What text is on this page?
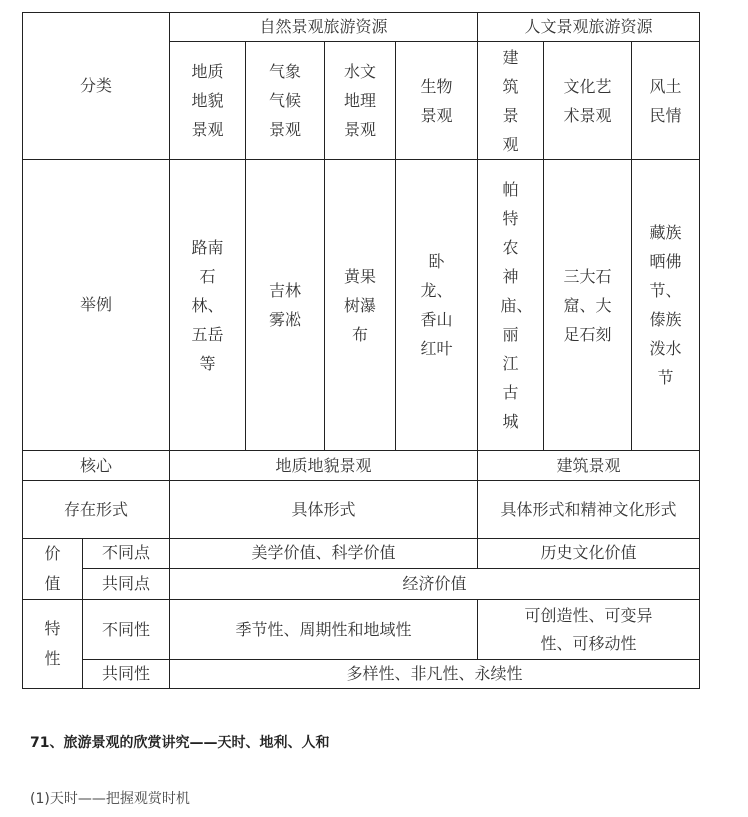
分类		自然景观旅游资源				人文景观旅游资源		

		地质地貌景观	气象气候景观	水文地理景观	生物景观	建筑景观	文化艺术景观	风土民情

举例		路南石林、五岳等	吉林雾凇	黄果树瀑布	卧龙、香山红叶	帕特农神庙、丽江古城	三大石窟、大足石刻	藏族晒佛节、傣族泼水节

核心		地质地貌景观				建筑景观		
存在形式		具体形式				具体形式和精神文化形式		

价值	不同点	美学价值、科学价值				历史文化价值		
	共同点	经济价值						

特性	不同性	季节性、周期性和地域性				可创造性、可变异性、可移动性		

	共同性	多样性、非凡性、永续性						
71、旅游景观的欣赏讲究——天时、地利、人和
(1)天时——把握观赏时机
